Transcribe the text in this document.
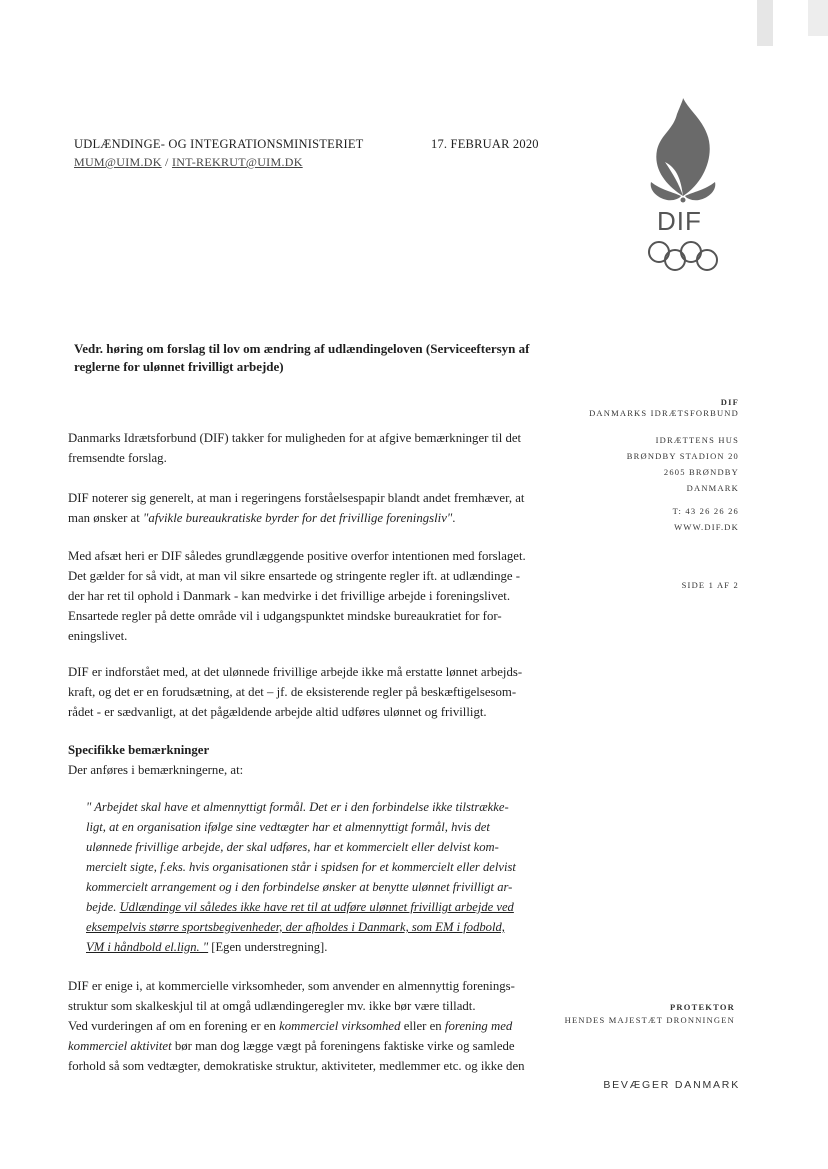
UDLÆNDINGE- OG INTEGRATIONSMINISTERIET	17. FEBRUAR 2020
MUM@UIM.DK / INT-REKRUT@UIM.DK
DIF
Vedr. høring om forslag til lov om ændring af udlændingeloven (Serviceeftersyn af
reglerne for ulønnet frivilligt arbejde)
DIF
DANMARKS IDRÆTSFORBUND
IDRÆTTENS HUS
BRØNDBY STADION 20
2605 BRØNDBY
DANMARK
T: 43 26 26 26
WWW.DIF.DK
SIDE 1 AF 2
PROTEKTOR
HENDES MAJESTÆT DRONNINGEN
BEVÆGER DANMARK
Danmarks Idrætsforbund (DIF) takker for muligheden for at afgive bemærkninger til det
fremsendte forslag.
DIF noterer sig generelt, at man i regeringens forståelsespapir blandt andet fremhæver, at
man ønsker at "afvikle bureaukratiske byrder for det frivillige foreningsliv".
Med afsæt heri er DIF således grundlæggende positive overfor intentionen med forslaget.
Det gælder for så vidt, at man vil sikre ensartede og stringente regler ift. at udlændinge -
der har ret til ophold i Danmark - kan medvirke i det frivillige arbejde i foreningslivet.
Ensartede regler på dette område vil i udgangspunktet mindske bureaukratiet for for-
eningslivet.
DIF er indforstået med, at det ulønnede frivillige arbejde ikke må erstatte lønnet arbejds-
kraft, og det er en forudsætning, at det – jf. de eksisterende regler på beskæftigelsesom-
rådet - er sædvanligt, at det pågældende arbejde altid udføres ulønnet og frivilligt.
Specifikke bemærkninger
Der anføres i bemærkningerne, at:
" Arbejdet skal have et almennyttigt formål. Det er i den forbindelse ikke tilstrække-
ligt, at en organisation ifølge sine vedtægter har et almennyttigt formål, hvis det
ulønnede frivillige arbejde, der skal udføres, har et kommercielt eller delvist kom-
mercielt sigte, f.eks. hvis organisationen står i spidsen for et kommercielt eller delvist
kommercielt arrangement og i den forbindelse ønsker at benytte ulønnet frivilligt ar-
bejde. Udlændinge vil således ikke have ret til at udføre ulønnet frivilligt arbejde ved
eksempelvis større sportsbegivenheder, der afholdes i Danmark, som EM i fodbold,
VM i håndbold el.lign. " [Egen understregning].
DIF er enige i, at kommercielle virksomheder, som anvender en almennyttig forenings-
struktur som skalkeskjul til at omgå udlændingeregler mv. ikke bør være tilladt.
Ved vurderingen af om en forening er en kommerciel virksomhed eller en forening med
kommerciel aktivitet bør man dog lægge vægt på foreningens faktiske virke og samlede
forhold så som vedtægter, demokratiske struktur, aktiviteter, medlemmer etc. og ikke den
